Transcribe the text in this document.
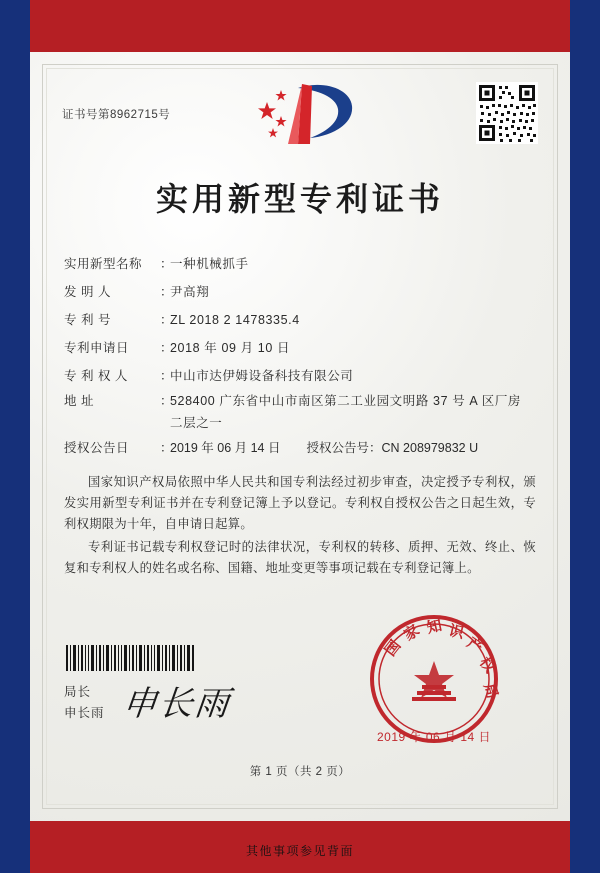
证书号第8962715号
实用新型专利证书
实用新型名称	：
一种机械抓手
发 明 人	：
尹高翔
专 利 号	：
ZL 2018 2 1478335.4
专利申请日	：
2018 年 09 月 10 日
专 利 权 人	：
中山市达伊姆设备科技有限公司
地 址	：
528400 广东省中山市南区第二工业园文明路 37 号 A 区厂房
二层之一
授权公告日	：
2019 年 06 月 14 日 授权公告号 ： CN 208979832 U
国家知识产权局依照中华人民共和国专利法经过初步审查，决定授予专利权，颁发实用新型专利证书并在专利登记簿上予以登记。专利权自授权公告之日起生效，专利权期限为十年，自申请日起算。
专利证书记载专利权登记时的法律状况，专利权的转移、质押、无效、终止、恢复和专利权人的姓名或名称、国籍、地址变更等事项记载在专利登记簿上。
局长
申长雨 申长雨
国
家 知 识
产
权
局
2019 年 06 月 14 日
第 1 页（共 2 页）
其他事项参见背面
